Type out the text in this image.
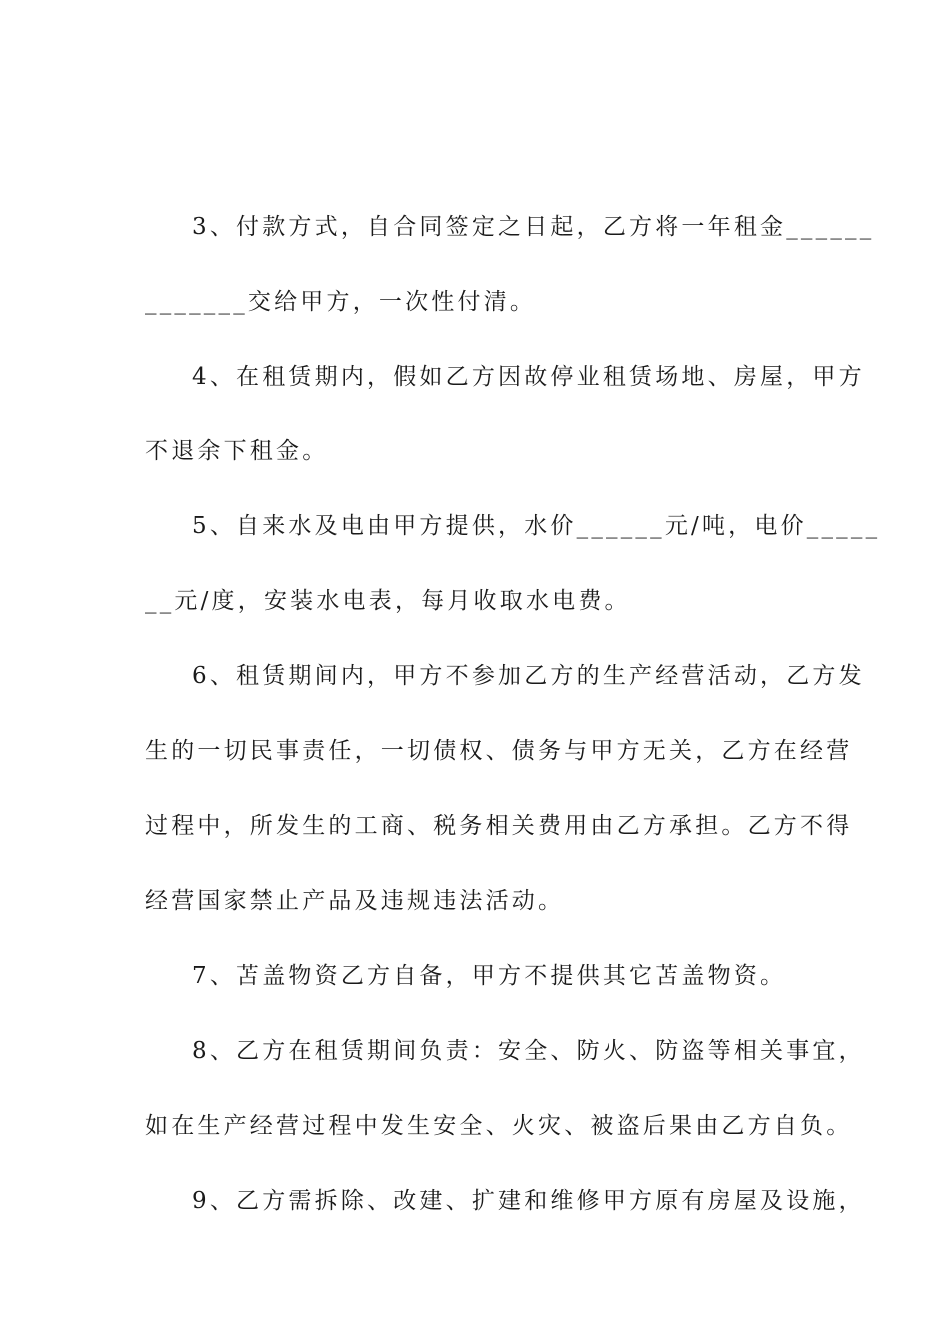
3、付款方式，自合同签定之日起，乙方将一年租金______
_______交给甲方，一次性付清。
4、在租赁期内，假如乙方因故停业租赁场地、房屋，甲方
不退余下租金。
5、自来水及电由甲方提供，水价______元/吨，电价_____
__元/度，安装水电表，每月收取水电费。
6、租赁期间内，甲方不参加乙方的生产经营活动，乙方发
生的一切民事责任，一切债权、债务与甲方无关，乙方在经营
过程中，所发生的工商、税务相关费用由乙方承担。乙方不得
经营国家禁止产品及违规违法活动。
7、苫盖物资乙方自备，甲方不提供其它苫盖物资。
8、乙方在租赁期间负责：安全、防火、防盗等相关事宜，
如在生产经营过程中发生安全、火灾、被盗后果由乙方自负。
9、乙方需拆除、改建、扩建和维修甲方原有房屋及设施，
